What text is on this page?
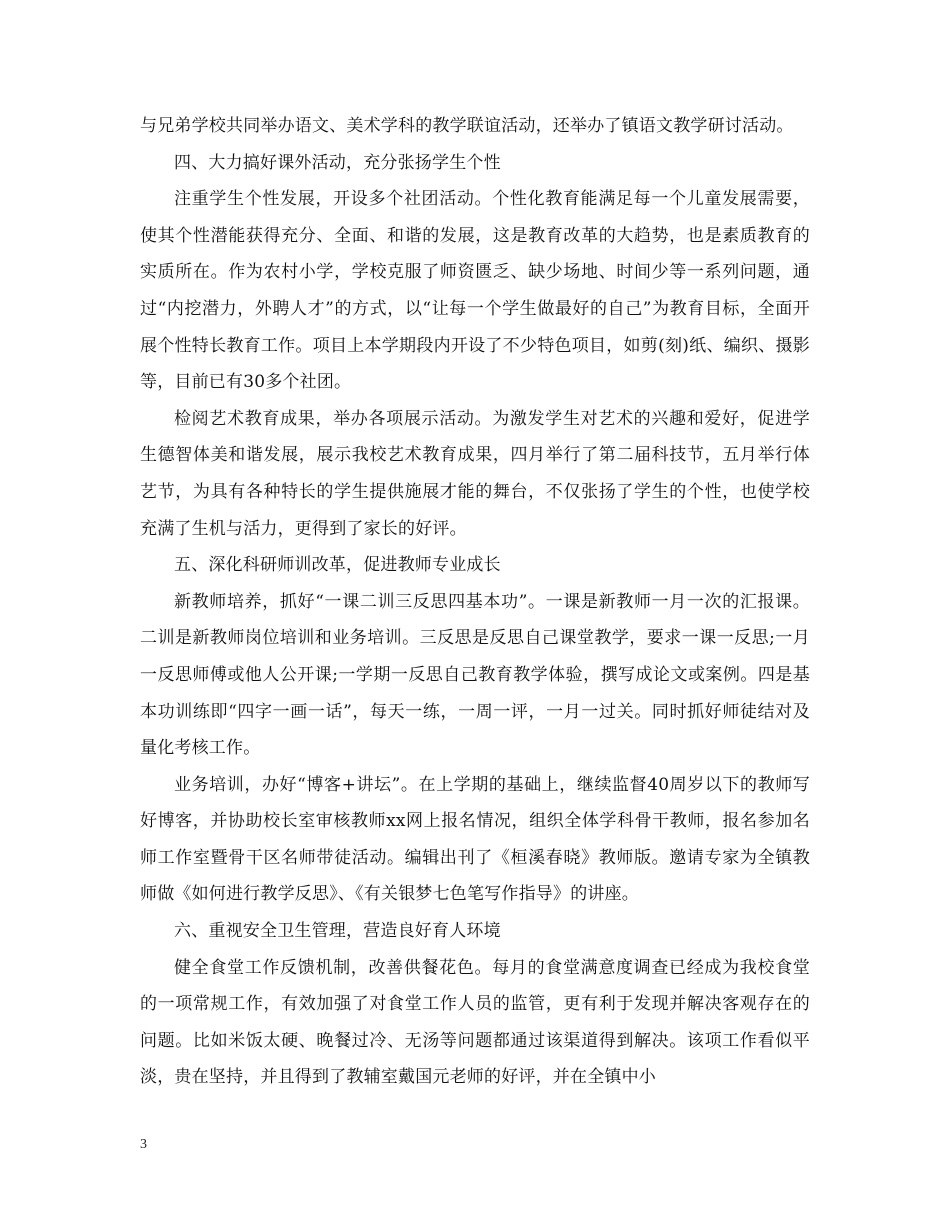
与兄弟学校共同举办语文、美术学科的教学联谊活动，还举办了镇语文教学研讨活动。

四、大力搞好课外活动，充分张扬学生个性

注重学生个性发展，开设多个社团活动。个性化教育能满足每一个儿童发展需要，使其个性潜能获得充分、全面、和谐的发展，这是教育改革的大趋势，也是素质教育的实质所在。作为农村小学，学校克服了师资匮乏、缺少场地、时间少等一系列问题，通过“内挖潜力，外聘人才”的方式，以“让每一个学生做最好的自己”为教育目标，全面开展个性特长教育工作。项目上本学期段内开设了不少特色项目，如剪(刻)纸、编织、摄影等，目前已有30多个社团。

检阅艺术教育成果，举办各项展示活动。为激发学生对艺术的兴趣和爱好，促进学生德智体美和谐发展，展示我校艺术教育成果，四月举行了第二届科技节，五月举行体艺节，为具有各种特长的学生提供施展才能的舞台，不仅张扬了学生的个性，也使学校充满了生机与活力，更得到了家长的好评。

五、深化科研师训改革，促进教师专业成长

新教师培养，抓好“一课二训三反思四基本功”。一课是新教师一月一次的汇报课。二训是新教师岗位培训和业务培训。三反思是反思自己课堂教学，要求一课一反思;一月一反思师傅或他人公开课;一学期一反思自己教育教学体验，撰写成论文或案例。四是基本功训练即“四字一画一话”，每天一练，一周一评，一月一过关。同时抓好师徒结对及量化考核工作。

业务培训，办好“博客+讲坛”。在上学期的基础上，继续监督40周岁以下的教师写好博客，并协助校长室审核教师xx网上报名情况，组织全体学科骨干教师，报名参加名师工作室暨骨干区名师带徒活动。编辑出刊了《桓溪春晓》教师版。邀请专家为全镇教师做《如何进行教学反思》、《有关银梦七色笔写作指导》的讲座。

六、重视安全卫生管理，营造良好育人环境

健全食堂工作反馈机制，改善供餐花色。每月的食堂满意度调查已经成为我校食堂的一项常规工作，有效加强了对食堂工作人员的监管，更有利于发现并解决客观存在的问题。比如米饭太硬、晚餐过冷、无汤等问题都通过该渠道得到解决。该项工作看似平淡，贵在坚持，并且得到了教辅室戴国元老师的好评，并在全镇中小

3
